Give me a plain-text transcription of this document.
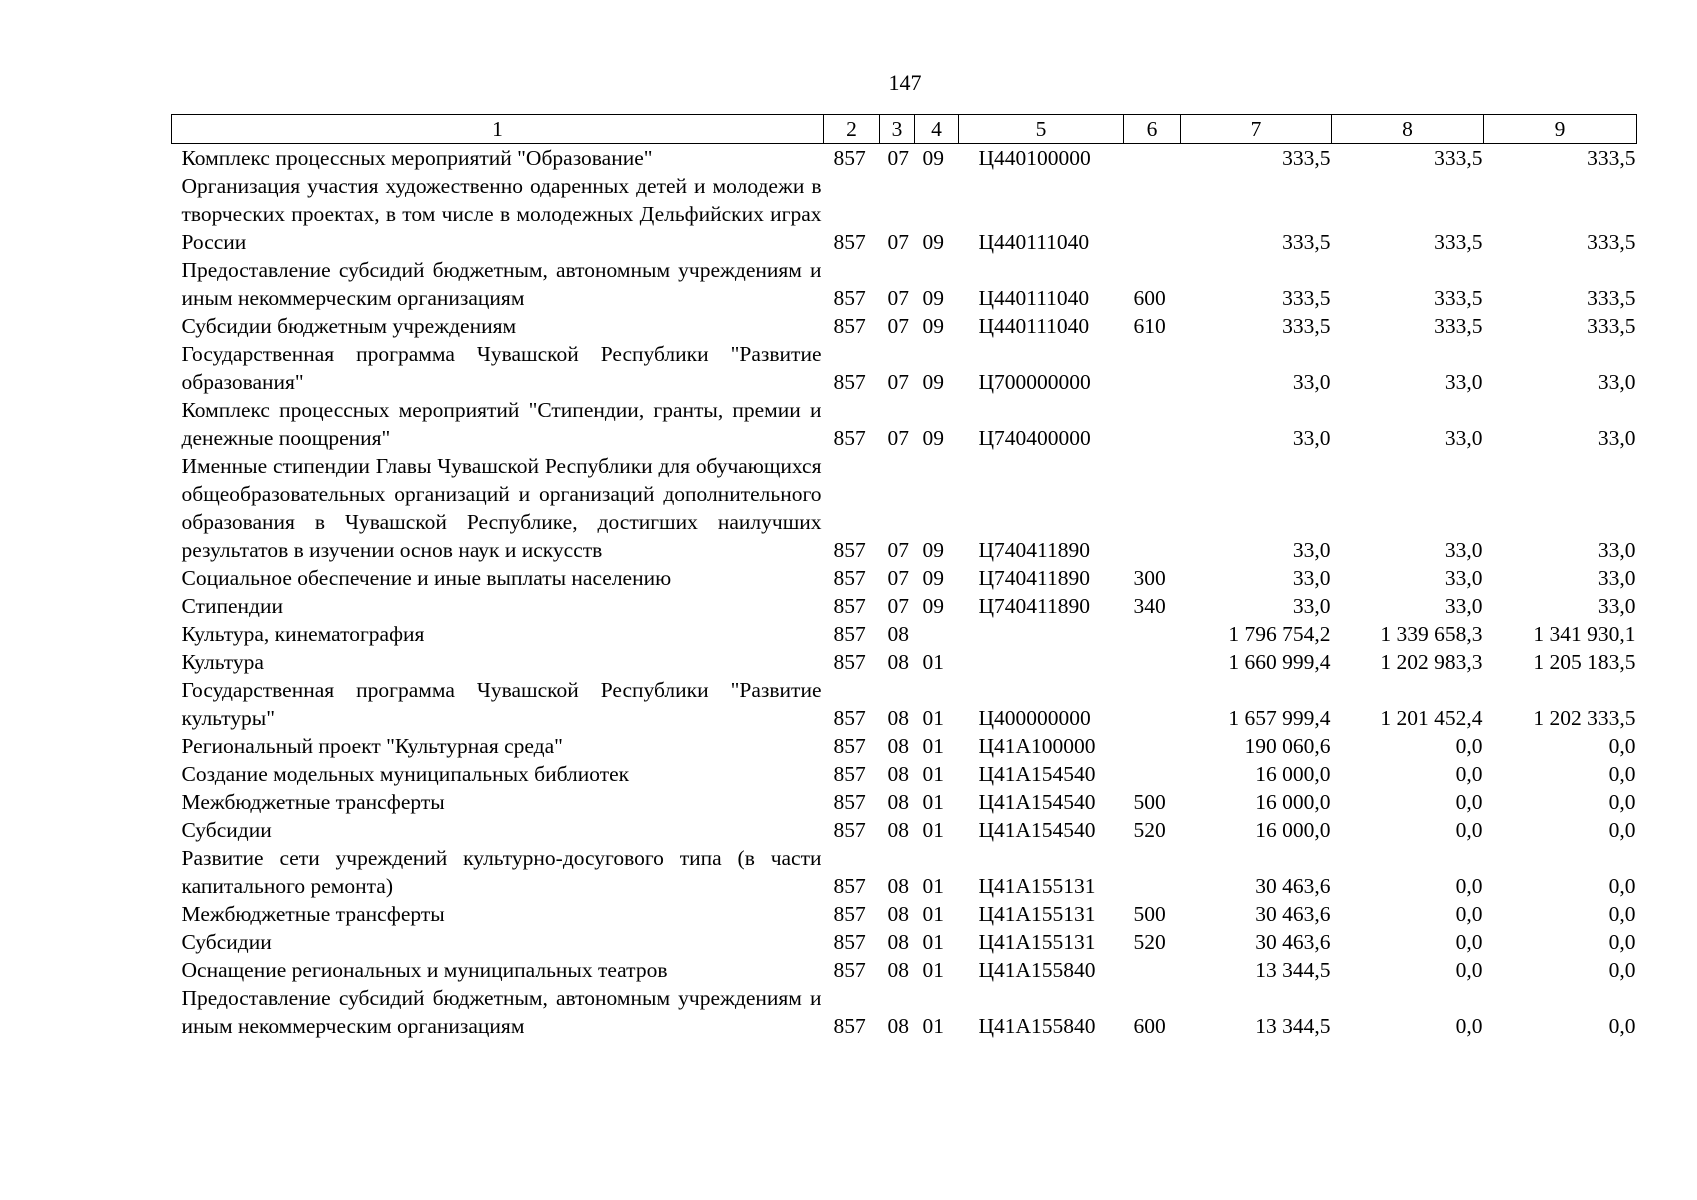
147
1	2	3	4	5	6	7	8	9
Комплекс процессных мероприятий "Образование"	857	07	09	Ц440100000		333,5	333,5	333,5
Организация участия художественно одаренных детей и молодежи в творческих проектах, в том числе в молодежных Дельфийских играх России	857	07	09	Ц440111040		333,5	333,5	333,5
Предоставление субсидий бюджетным, автономным учреждениям и иным некоммерческим организациям	857	07	09	Ц440111040	600	333,5	333,5	333,5
Субсидии бюджетным учреждениям	857	07	09	Ц440111040	610	333,5	333,5	333,5
Государственная программа Чувашской Республики "Развитие образования"	857	07	09	Ц700000000		33,0	33,0	33,0
Комплекс процессных мероприятий "Стипендии, гранты, премии и денежные поощрения"	857	07	09	Ц740400000		33,0	33,0	33,0
Именные стипендии Главы Чувашской Республики для обучающихся общеобразовательных организаций и организаций дополнительного образования в Чувашской Республике, достигших наилучших результатов в изучении основ наук и искусств	857	07	09	Ц740411890		33,0	33,0	33,0
Социальное обеспечение и иные выплаты населению	857	07	09	Ц740411890	300	33,0	33,0	33,0
Стипендии	857	07	09	Ц740411890	340	33,0	33,0	33,0
Культура, кинематография	857	08				1 796 754,2	1 339 658,3	1 341 930,1
Культура	857	08	01			1 660 999,4	1 202 983,3	1 205 183,5
Государственная программа Чувашской Республики "Развитие культуры"	857	08	01	Ц400000000		1 657 999,4	1 201 452,4	1 202 333,5
Региональный проект "Культурная среда"	857	08	01	Ц41А100000		190 060,6	0,0	0,0
Создание модельных муниципальных библиотек	857	08	01	Ц41А154540		16 000,0	0,0	0,0
Межбюджетные трансферты	857	08	01	Ц41А154540	500	16 000,0	0,0	0,0
Субсидии	857	08	01	Ц41А154540	520	16 000,0	0,0	0,0
Развитие сети учреждений культурно-досугового типа (в части капитального ремонта)	857	08	01	Ц41А155131		30 463,6	0,0	0,0
Межбюджетные трансферты	857	08	01	Ц41А155131	500	30 463,6	0,0	0,0
Субсидии	857	08	01	Ц41А155131	520	30 463,6	0,0	0,0
Оснащение региональных и муниципальных театров	857	08	01	Ц41А155840		13 344,5	0,0	0,0
Предоставление субсидий бюджетным, автономным учреждениям и иным некоммерческим организациям	857	08	01	Ц41А155840	600	13 344,5	0,0	0,0
